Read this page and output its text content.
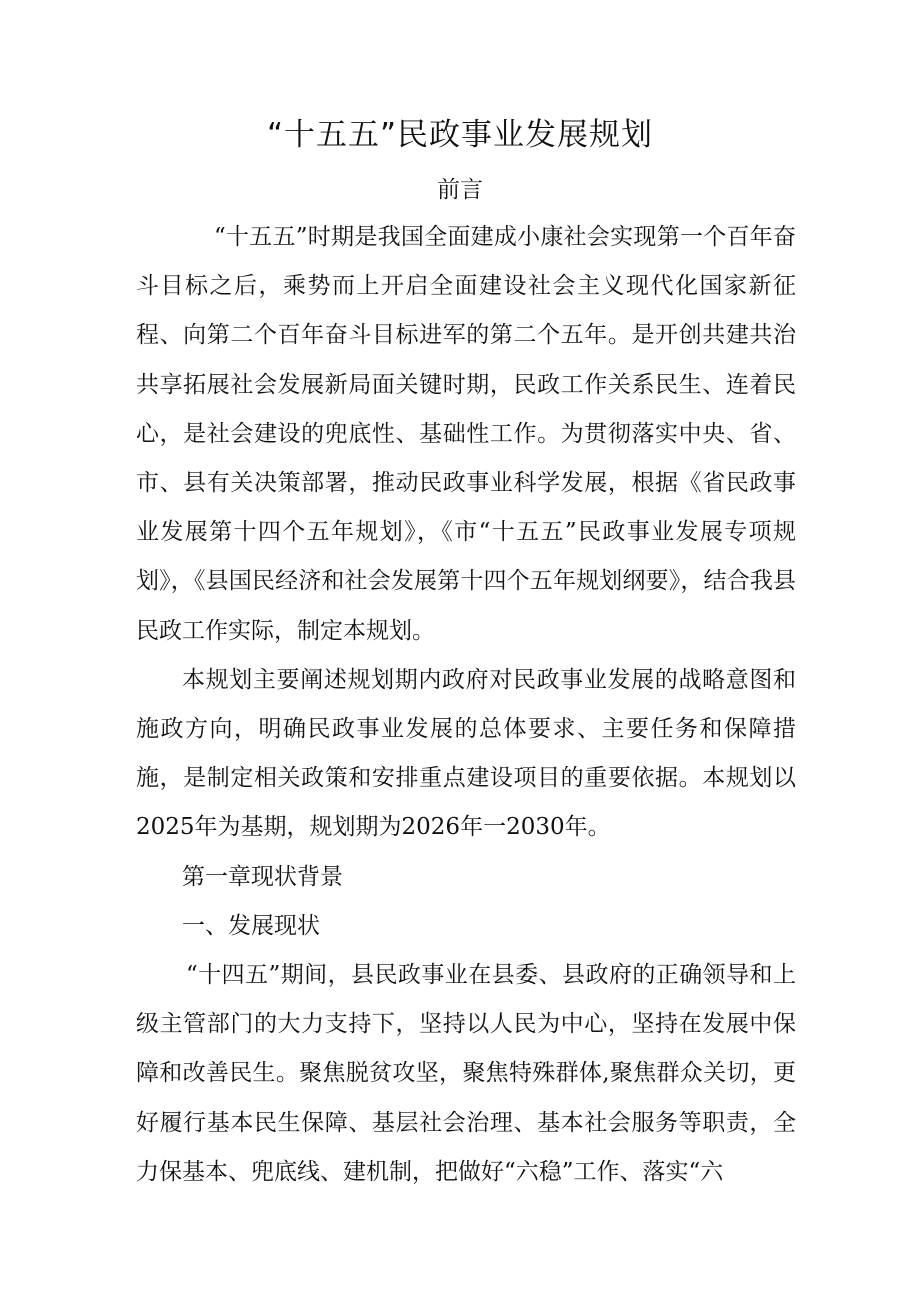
“十五五”民政事业发展规划
前言

“十五五”时期是我国全面建成小康社会实现第一个百年奋斗目标之后，乘势而上开启全面建设社会主义现代化国家新征程、向第二个百年奋斗目标进军的第二个五年。是开创共建共治共享拓展社会发展新局面关键时期，民政工作关系民生、连着民心，是社会建设的兜底性、基础性工作。为贯彻落实中央、省、市、县有关决策部署，推动民政事业科学发展，根据《省民政事业发展第十四个五年规划》，《市“十五五”民政事业发展专项规划》，《县国民经济和社会发展第十四个五年规划纲要》，结合我县民政工作实际，制定本规划。

本规划主要阐述规划期内政府对民政事业发展的战略意图和施政方向，明确民政事业发展的总体要求、主要任务和保障措施，是制定相关政策和安排重点建设项目的重要依据。本规划以2025年为基期，规划期为2026年一2030年。

第一章现状背景
一、发展现状

“十四五”期间，县民政事业在县委、县政府的正确领导和上级主管部门的大力支持下，坚持以人民为中心，坚持在发展中保障和改善民生。聚焦脱贫攻坚，聚焦特殊群体,聚焦群众关切，更好履行基本民生保障、基层社会治理、基本社会服务等职责，全力保基本、兜底线、建机制，把做好“六稳”工作、落实“六
